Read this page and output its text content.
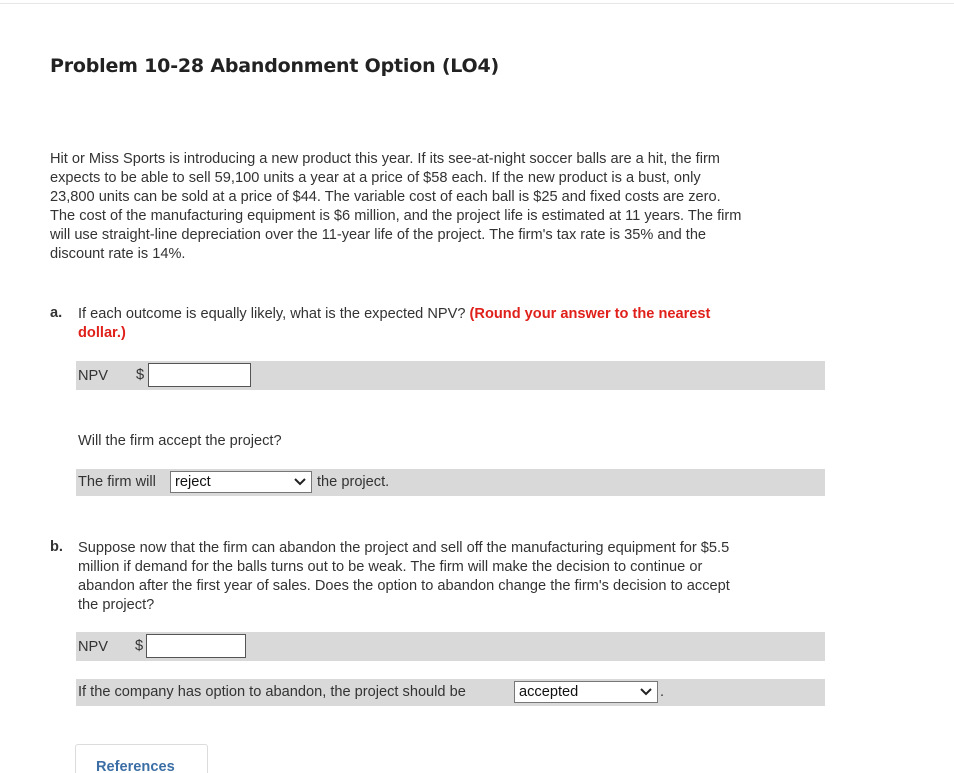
Problem 10-28 Abandonment Option (LO4)
Hit or Miss Sports is introducing a new product this year. If its see-at-night soccer balls are a hit, the firm
expects to be able to sell 59,100 units a year at a price of $58 each. If the new product is a bust, only
23,800 units can be sold at a price of $44. The variable cost of each ball is $25 and fixed costs are zero.
The cost of the manufacturing equipment is $6 million, and the project life is estimated at 11 years. The firm
will use straight-line depreciation over the 11-year life of the project. The firm's tax rate is 35% and the
discount rate is 14%.
a. If each outcome is equally likely, what is the expected NPV? (Round your answer to the nearest
dollar.)
NPV $
Will the firm accept the project?
The firm will	reject	the project.
b. Suppose now that the firm can abandon the project and sell off the manufacturing equipment for $5.5
million if demand for the balls turns out to be weak. The firm will make the decision to continue or
abandon after the first year of sales. Does the option to abandon change the firm's decision to accept
the project?
NPV $
If the company has option to abandon, the project should be	accepted	.
References
